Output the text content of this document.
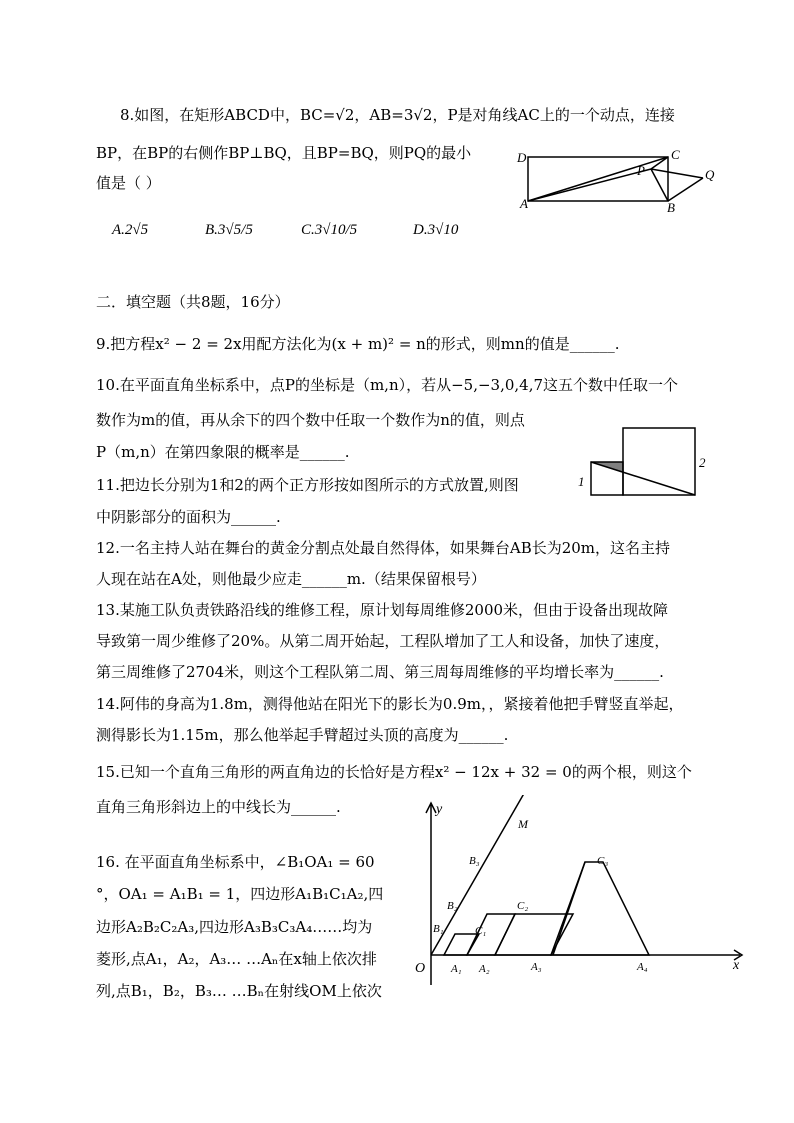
8.如图，在矩形ABCD中，BC=√2，AB=3√2，P是对角线AC上的一个动点，连接
BP，在BP的右侧作BP⊥BQ，且BP=BQ，则PQ的最小
值是（ ）
D	C
P	Q
A	B
A.2√5	B.3√5/5	C.3√10/5	D.3√10
二．填空题（共8题，16分）
9.把方程x² − 2 = 2x用配方法化为(x + m)² = n的形式，则mn的值是______.
10.在平面直角坐标系中，点P的坐标是（m,n），若从−5,−3,0,4,7这五个数中任取一个
数作为m的值，再从余下的四个数中任取一个数作为n的值，则点
P（m,n）在第四象限的概率是______.
1
2
11.把边长分别为1和2的两个正方形按如图所示的方式放置,则图
中阴影部分的面积为______.
12.一名主持人站在舞台的黄金分割点处最自然得体，如果舞台AB长为20m，这名主持
人现在站在A处，则他最少应走______m.（结果保留根号）
13.某施工队负责铁路沿线的维修工程，原计划每周维修2000米，但由于设备出现故障
导致第一周少维修了20%。从第二周开始起，工程队增加了工人和设备，加快了速度，
第三周维修了2704米，则这个工程队第二周、第三周每周维修的平均增长率为______.
14.阿伟的身高为1.8m，测得他站在阳光下的影长为0.9m，，紧接着他把手臂竖直举起，
测得影长为1.15m，那么他举起手臂超过头顶的高度为______.
15.已知一个直角三角形的两直角边的长恰好是方程x² − 12x + 32 = 0的两个根，则这个
直角三角形斜边上的中线长为______.
16. 在平面直角坐标系中，∠B₁OA₁ = 60
°，OA₁ = A₁B₁ = 1，四边形A₁B₁C₁A₂,四
边形A₂B₂C₂A₃,四边形A₃B₃C₃A₄……均为
菱形,点A₁，A₂，A₃… …Aₙ在x轴上依次排
列,点B₁，B₂，B₃… …Bₙ在射线OM上依次
y
M
B₃	C₃
B₂	C₂
B₁	C₁
O A₁ A₂	A₃	A₄	x
